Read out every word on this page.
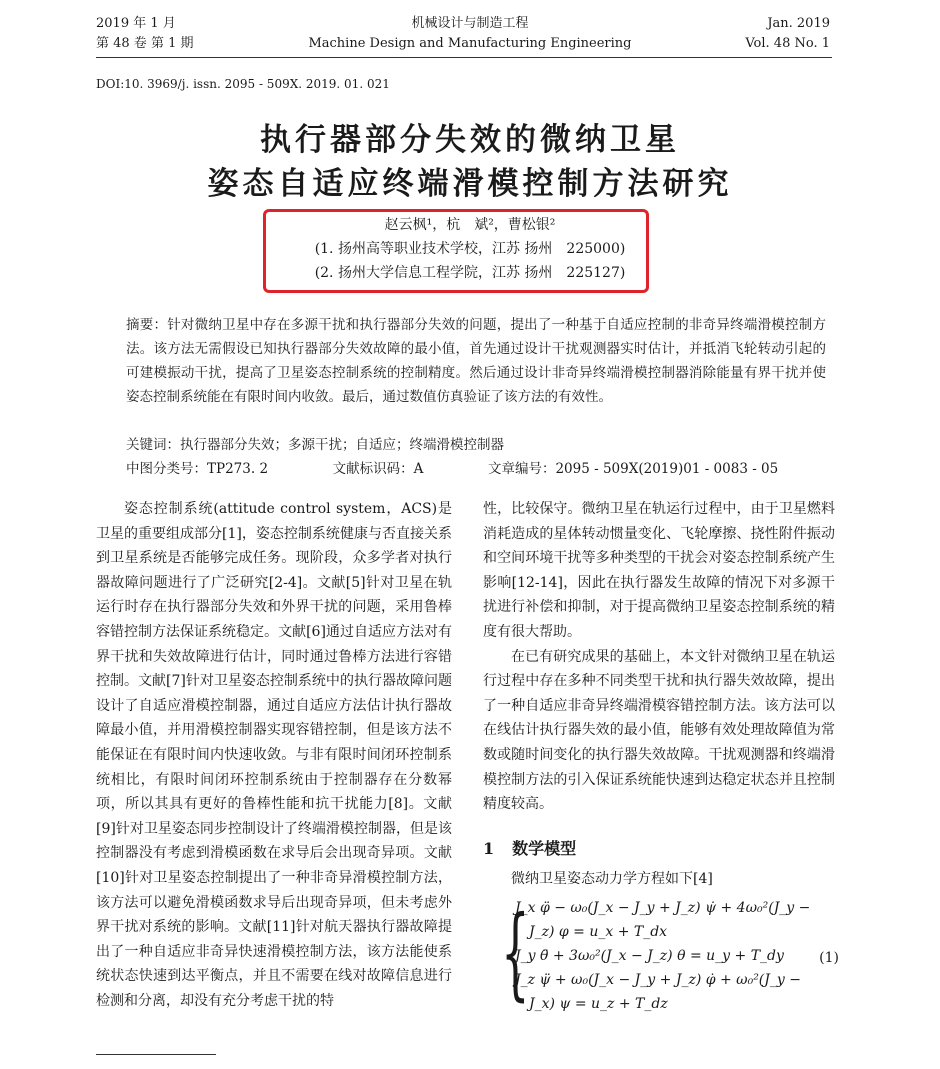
2019 年 1 月
第 48 卷 第 1 期
机械设计与制造工程
Machine Design and Manufacturing Engineering
Jan. 2019
Vol. 48 No. 1
DOI:10. 3969/j. issn. 2095 - 509X. 2019. 01. 021
执行器部分失效的微纳卫星
姿态自适应终端滑模控制方法研究
赵云枫¹，杭　斌²，曹松银²
(1. 扬州高等职业技术学校，江苏 扬州　225000)
(2. 扬州大学信息工程学院，江苏 扬州　225127)

摘要：针对微纳卫星中存在多源干扰和执行器部分失效的问题，提出了一种基于自适应控制的非奇异终端滑模控制方法。该方法无需假设已知执行器部分失效故障的最小值，首先通过设计干扰观测器实时估计，并抵消飞轮转动引起的可建模振动干扰，提高了卫星姿态控制系统的控制精度。然后通过设计非奇异终端滑模控制器消除能量有界干扰并使姿态控制系统能在有限时间内收敛。最后，通过数值仿真验证了该方法的有效性。

关键词：执行器部分失效；多源干扰；自适应；终端滑模控制器
中图分类号：TP273. 2	文献标识码：A	文章编号：2095 - 509X(2019)01 - 0083 - 05

姿态控制系统(attitude control system，ACS)是卫星的重要组成部分[1]，姿态控制系统健康与否直接关系到卫星系统是否能够完成任务。现阶段，众多学者对执行器故障问题进行了广泛研究[2-4]。文献[5]针对卫星在轨运行时存在执行器部分失效和外界干扰的问题，采用鲁棒容错控制方法保证系统稳定。文献[6]通过自适应方法对有界干扰和失效故障进行估计，同时通过鲁棒方法进行容错控制。文献[7]针对卫星姿态控制系统中的执行器故障问题设计了自适应滑模控制器，通过自适应方法估计执行器故障最小值，并用滑模控制器实现容错控制，但是该方法不能保证在有限时间内快速收敛。与非有限时间闭环控制系统相比，有限时间闭环控制系统由于控制器存在分数幂项，所以其具有更好的鲁棒性能和抗干扰能力[8]。文献[9]针对卫星姿态同步控制设计了终端滑模控制器，但是该控制器没有考虑到滑模函数在求导后会出现奇异项。文献[10]针对卫星姿态控制提出了一种非奇异滑模控制方法，该方法可以避免滑模函数求导后出现奇异项，但未考虑外界干扰对系统的影响。文献[11]针对航天器执行器故障提出了一种自适应非奇异快速滑模控制方法，该方法能使系统状态快速到达平衡点，并且不需要在线对故障信息进行检测和分离，却没有充分考虑干扰的特

性，比较保守。微纳卫星在轨运行过程中，由于卫星燃料消耗造成的星体转动惯量变化、飞轮摩擦、挠性附件振动和空间环境干扰等多种类型的干扰会对姿态控制系统产生影响[12-14]，因此在执行器发生故障的情况下对多源干扰进行补偿和抑制，对于提高微纳卫星姿态控制系统的精度有很大帮助。

在已有研究成果的基础上，本文针对微纳卫星在轨运行过程中存在多种不同类型干扰和执行器失效故障，提出了一种自适应非奇异终端滑模容错控制方法。该方法可以在线估计执行器失效的最小值，能够有效处理故障值为常数或随时间变化的执行器失效故障。干扰观测器和终端滑模控制方法的引入保证系统能快速到达稳定状态并且控制精度较高。

1 数学模型

微纳卫星姿态动力学方程如下[4]

{
J_x φ̈ − ω₀(J_x − J_y + J_z) ψ̇ + 4ω₀²(J_y −
J_z) φ = u_x + T_dx
J_y θ̈ + 3ω₀²(J_x − J_z) θ = u_y + T_dy
J_z ψ̈ + ω₀(J_x − J_y + J_z) φ̇ + ω₀²(J_y −
J_x) ψ = u_z + T_dz
(1)
